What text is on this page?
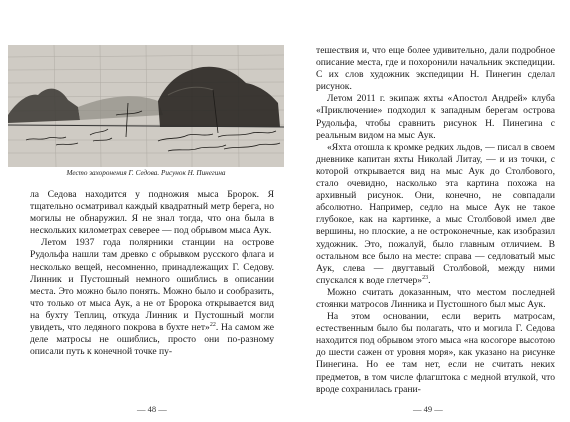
Место захоронения Г. Седова. Рисунок Н. Пинегина

ла Седова находится у подножия мыса Бророк. Я тщательно осматривал каждый квадратный метр берега, но могилы не обнаружил. Я не знал тогда, что она была в нескольких километрах северее — под обрывом мыса Аук.

Летом 1937 года полярники станции на острове Рудольфа нашли там древко с обрывком русского флага и несколько вещей, несомненно, принадлежащих Г. Седову. Линник и Пустошный немного ошиблись в описании места. Это можно было понять. Можно было и сообразить, что только от мыса Аук, а не от Бророка открывается вид на бухту Теплиц, откуда Линник и Пустошный могли увидеть, что ледяного покрова в бухте нет»$^{22}$. На самом же деле матросы не ошиблись, просто они по-разному описали путь к конечной точке пу-

— 48 —

тешествия и, что еще более удивительно, дали подробное описание места, где и похоронили начальник экспедиции. С их слов художник экспедиции Н. Пинегин сделал рисунок.

Летом 2011 г. экипаж яхты «Апостол Андрей» клуба «Приключение» подходил к западным берегам острова Рудольфа, чтобы сравнить рисунок Н. Пинегина с реальным видом на мыс Аук.

«Яхта отошла к кромке редких льдов, — писал в своем дневнике капитан яхты Николай Литау, — и из точки, с которой открывается вид на мыс Аук до Столбового, стало очевидно, насколько эта картина похожа на архивный рисунок. Они, конечно, не совпадали абсолютно. Например, седло на мысе Аук не такое глубокое, как на картинке, а мыс Столбовой имел две вершины, но плоские, а не остроконечные, как изобразил художник. Это, пожалуй, было главным отличием. В остальном все было на месте: справа — седловатый мыс Аук, слева — двугтавый Столбовой, между ними спускался к воде глетчер»$^{23}$.

Можно считать доказанным, что местом последней стоянки матросов Линника и Пустошного был мыс Аук.

На этом основании, если верить матросам, естественным было бы полагать, что и могила Г. Седова находится под обрывом этого мыса «на косогоре высотою до шести сажен от уровня моря», как указано на рисунке Пинегина. Но ее там нет, если не считать неких предметов, в том числе флагштока с медной втулкой, что вроде сохранилась грани-

— 49 —
